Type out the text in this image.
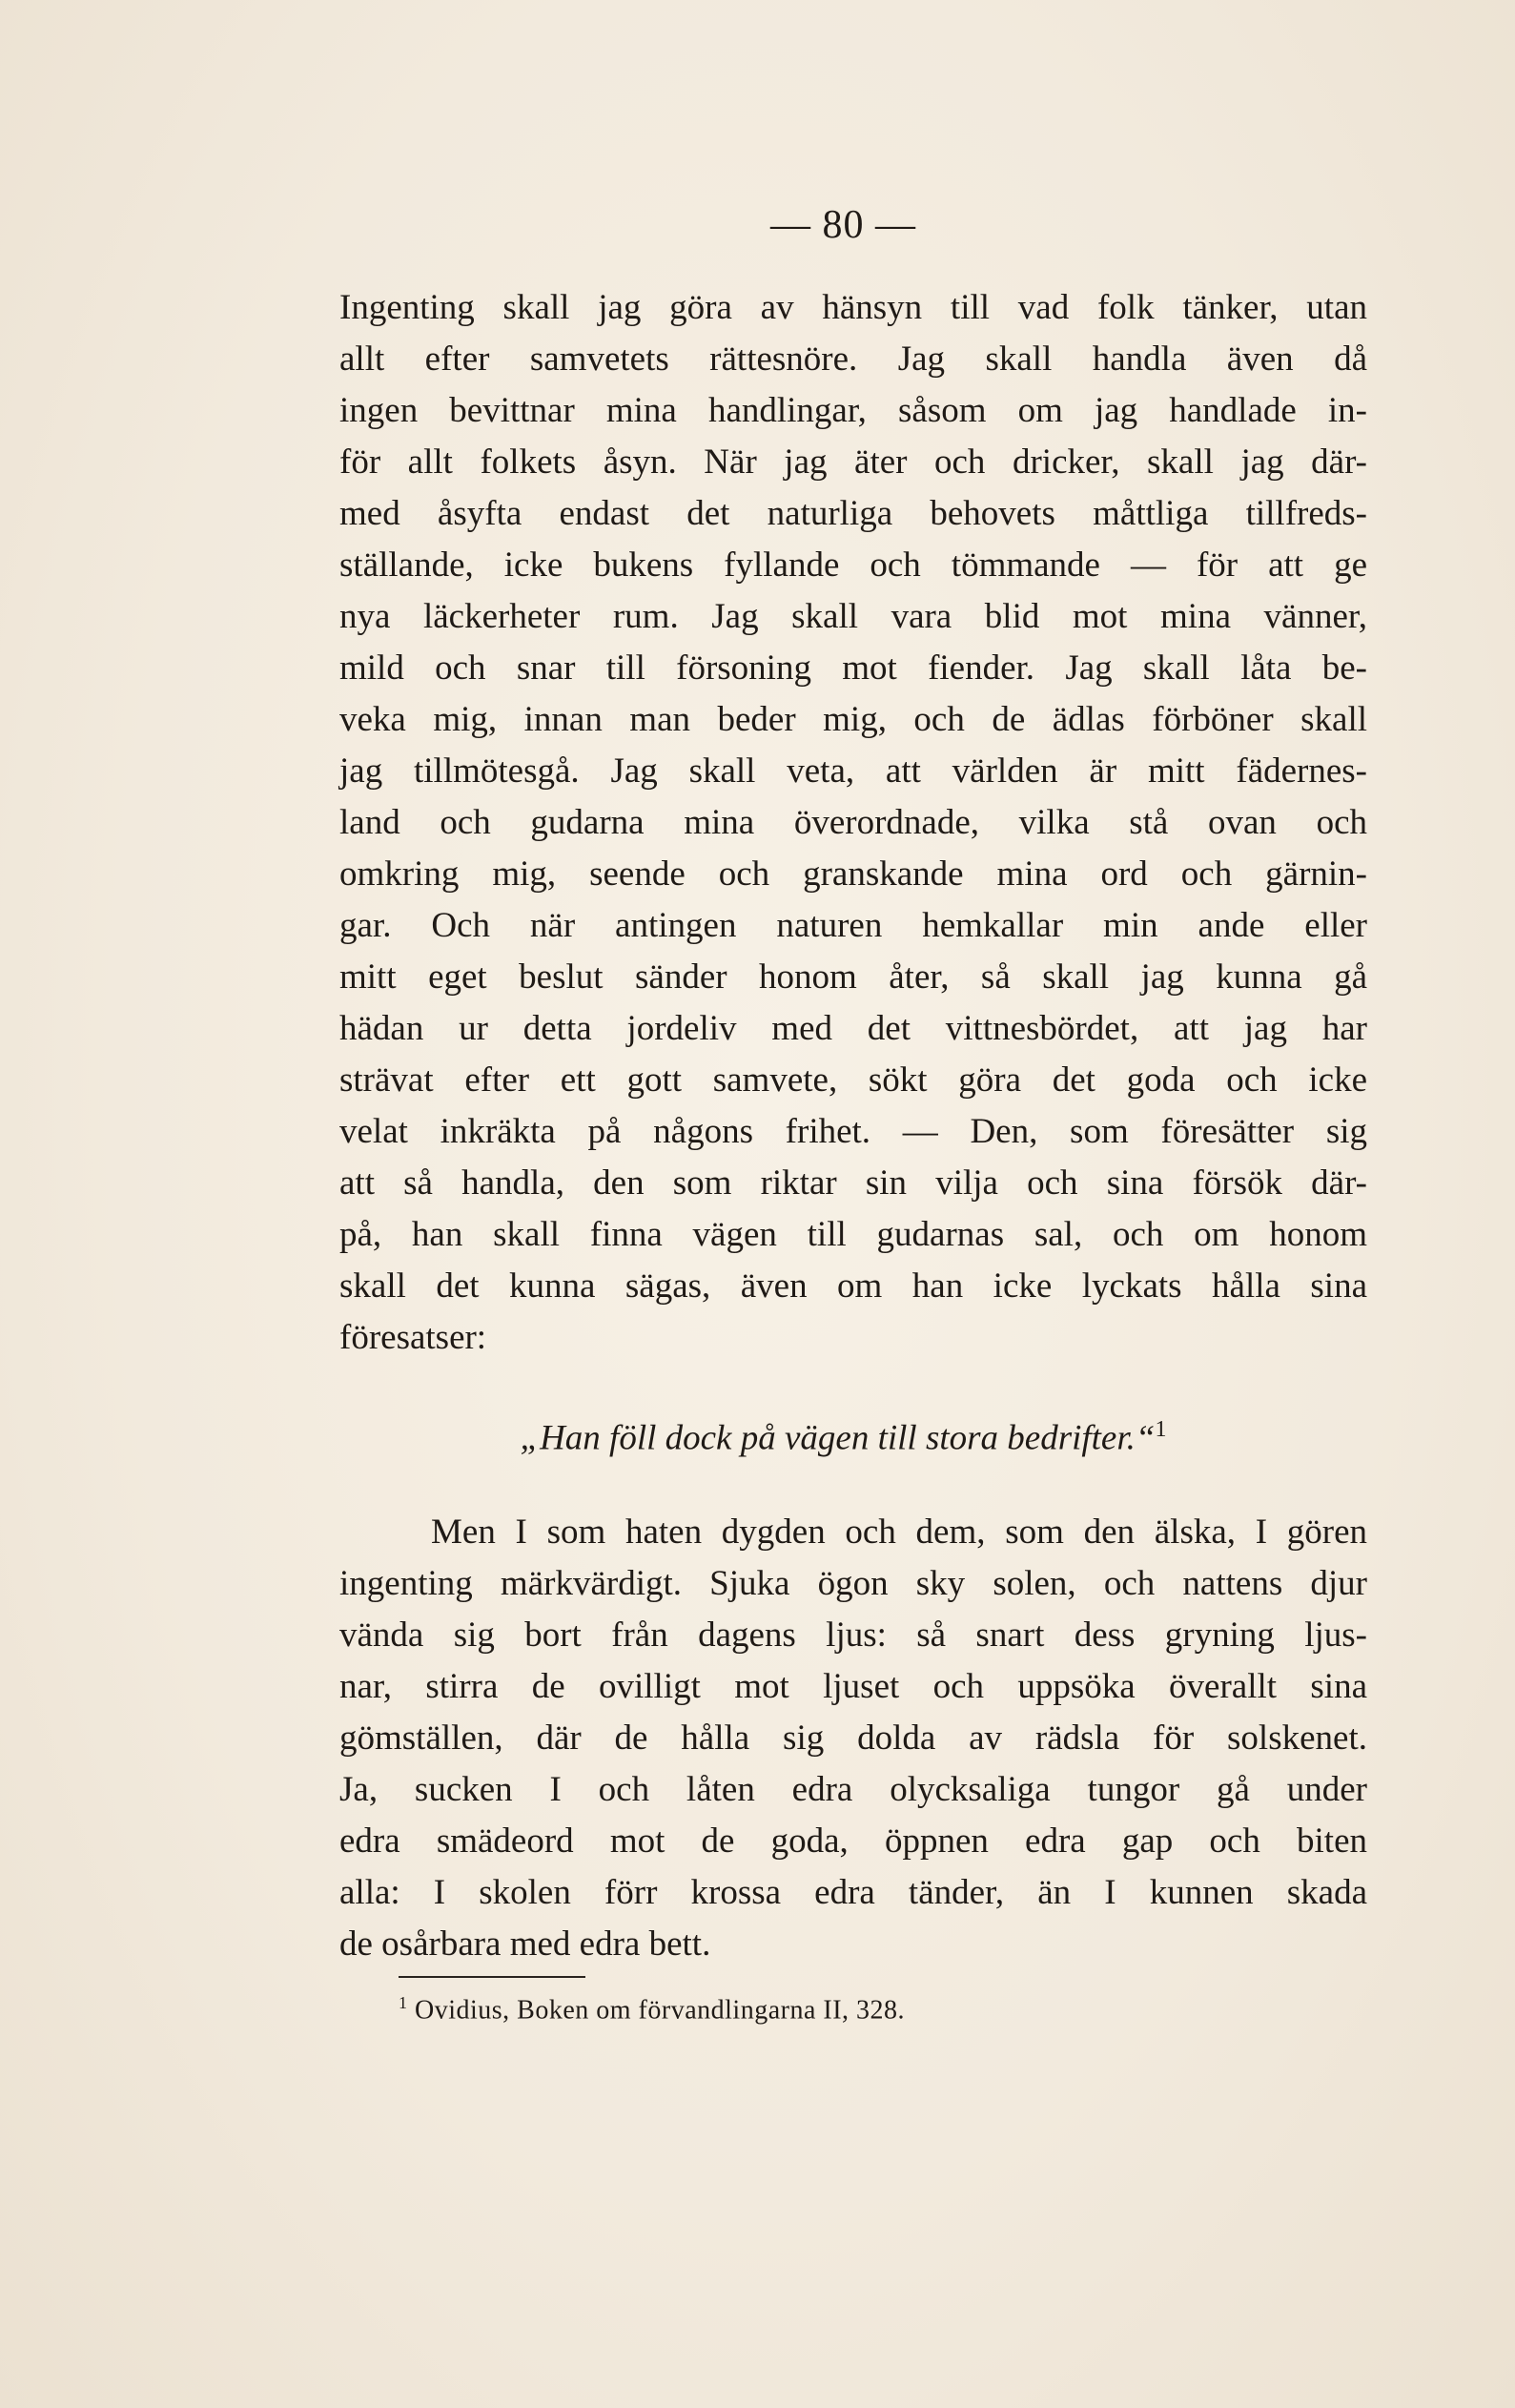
— 80 —
Ingenting skall jag göra av hänsyn till vad folk tänker, utan
allt efter samvetets rättesnöre. Jag skall handla även då
ingen bevittnar mina handlingar, såsom om jag handlade in-
för allt folkets åsyn. När jag äter och dricker, skall jag där-
med åsyfta endast det naturliga behovets måttliga tillfreds-
ställande, icke bukens fyllande och tömmande — för att ge
nya läckerheter rum. Jag skall vara blid mot mina vänner,
mild och snar till försoning mot fiender. Jag skall låta be-
veka mig, innan man beder mig, och de ädlas förböner skall
jag tillmötesgå. Jag skall veta, att världen är mitt fädernes-
land och gudarna mina överordnade, vilka stå ovan och
omkring mig, seende och granskande mina ord och gärnin-
gar. Och när antingen naturen hemkallar min ande eller
mitt eget beslut sänder honom åter, så skall jag kunna gå
hädan ur detta jordeliv med det vittnesbördet, att jag har
strävat efter ett gott samvete, sökt göra det goda och icke
velat inkräkta på någons frihet. — Den, som föresätter sig
att så handla, den som riktar sin vilja och sina försök där-
på, han skall finna vägen till gudarnas sal, och om honom
skall det kunna sägas, även om han icke lyckats hålla sina
föresatser:
„Han föll dock på vägen till stora bedrifter.“$^1$
Men I som haten dygden och dem, som den älska, I gören
ingenting märkvärdigt. Sjuka ögon sky solen, och nattens djur
vända sig bort från dagens ljus: så snart dess gryning ljus-
nar, stirra de ovilligt mot ljuset och uppsöka överallt sina
gömställen, där de hålla sig dolda av rädsla för solskenet.
Ja, sucken I och låten edra olycksaliga tungor gå under
edra smädeord mot de goda, öppnen edra gap och biten
alla: I skolen förr krossa edra tänder, än I kunnen skada
de osårbara med edra bett.
$^1$ Ovidius, Boken om förvandlingarna II, 328.
